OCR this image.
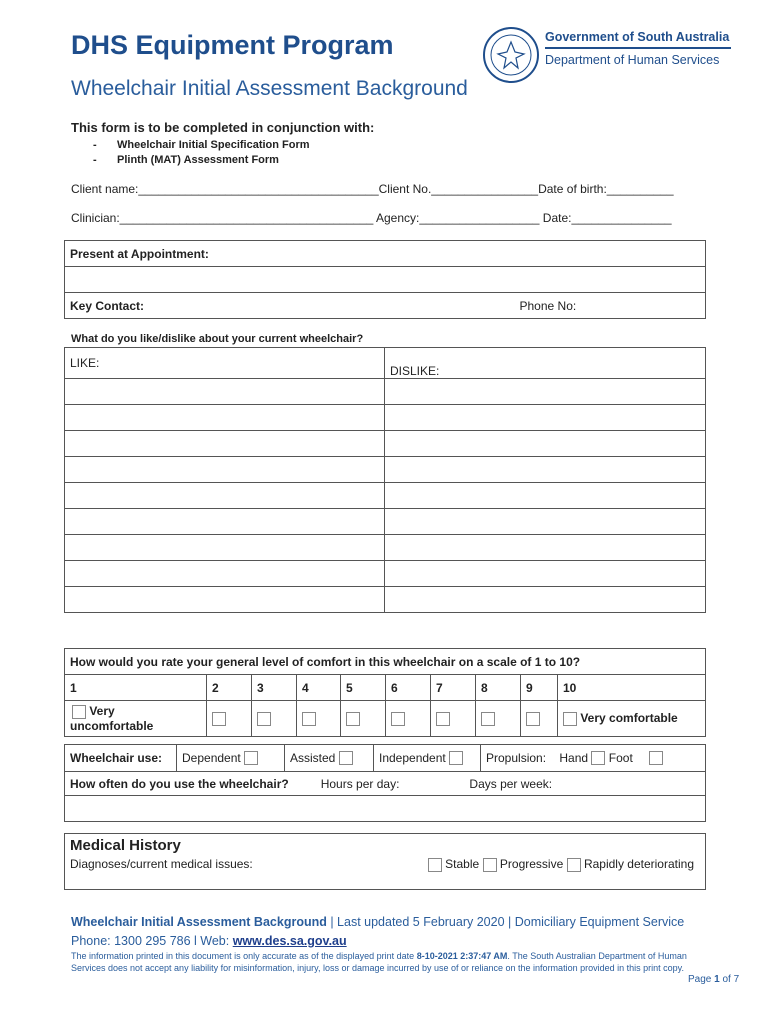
DHS Equipment Program
Wheelchair Initial Assessment Background
Government of South Australia
Department of Human Services
This form is to be completed in conjunction with:
- Wheelchair Initial Specification Form
- Plinth (MAT) Assessment Form
Client name:____________________________________Client No.________________Date of birth:__________
Clinician:______________________________________ Agency:__________________ Date:_______________
Present at Appointment:

Key Contact:	Phone No:
What do you like/dislike about your current wheelchair?
LIKE:	DISLIKE:

How would you rate your general level of comfort in this wheelchair on a scale of 1 to 10?									
1	2	3	4	5	6	7	8	9	10
Very uncomfortable									Very comfortable
Wheelchair use:	Dependent	Assisted	Independent	Propulsion: Hand Foot
How often do you use the wheelchair?	Hours per day:	Days per week:

Medical History
Diagnoses/current medical issues:	Stable Progressive Rapidly deteriorating
Wheelchair Initial Assessment Background | Last updated 5 February 2020 | Domiciliary Equipment Service
Phone: 1300 295 786 l Web: www.des.sa.gov.au
The information printed in this document is only accurate as of the displayed print date 8-10-2021 2:37:47 AM. The South Australian Department of Human Services does not accept any liability for misinformation, injury, loss or damage incurred by use of or reliance on the information provided in this print copy.
Page 1 of 7
